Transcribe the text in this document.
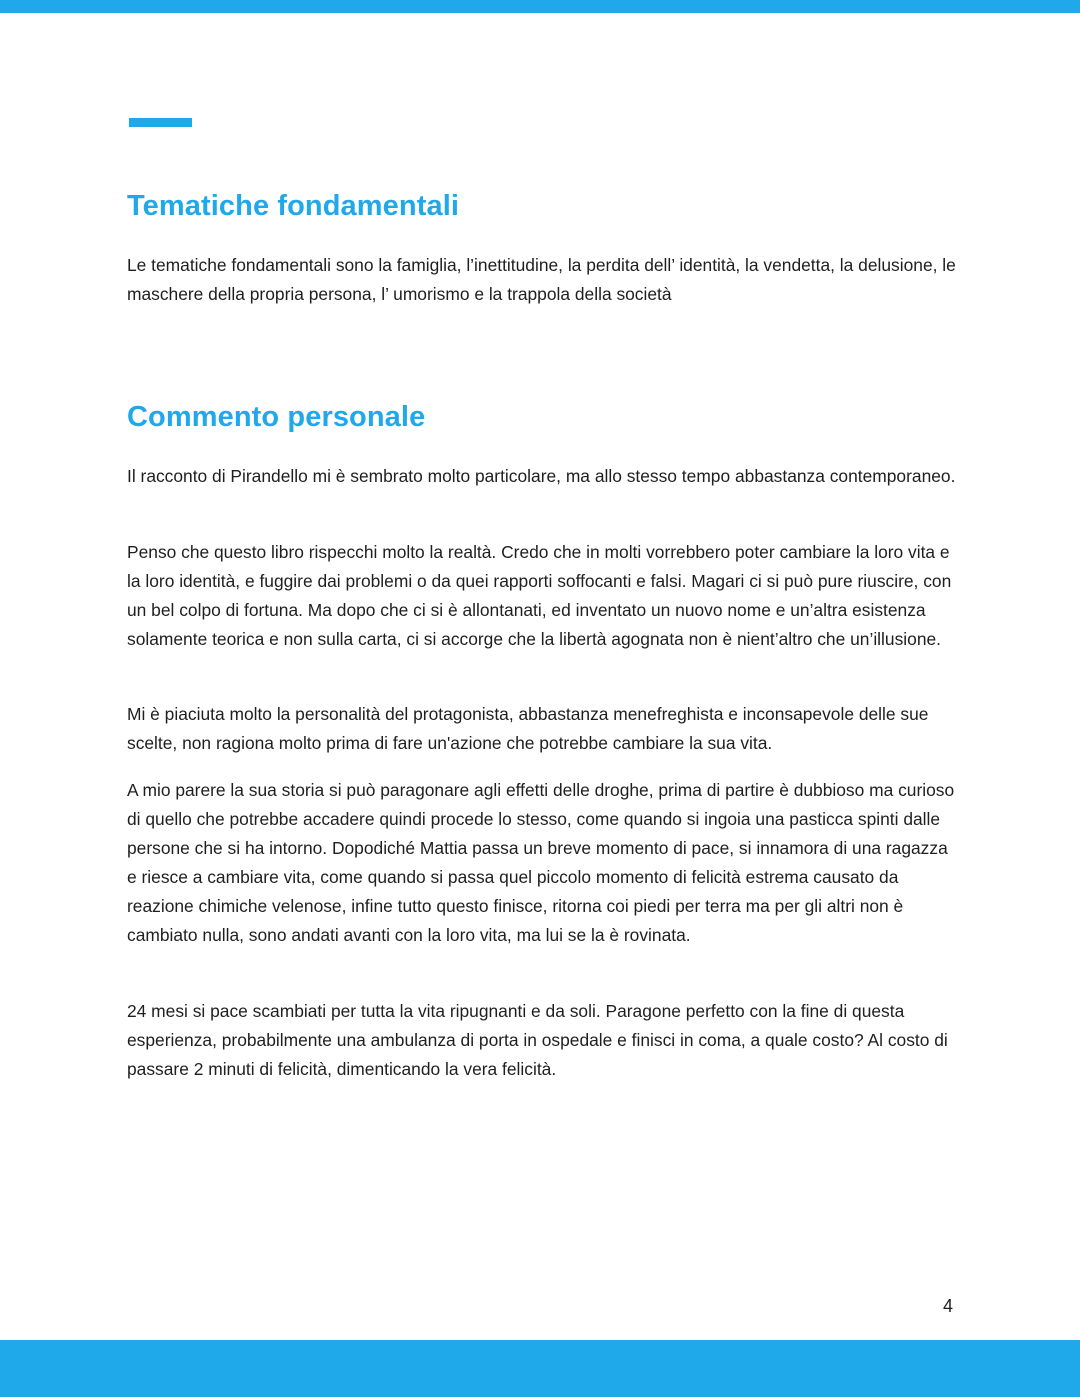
Tematiche fondamentali

Le tematiche fondamentali sono la famiglia, l’inettitudine, la perdita dell’ identità, la vendetta, la delusione, le maschere della propria persona, l’ umorismo e la trappola della società

Commento personale

Il racconto di Pirandello mi è sembrato molto particolare, ma allo stesso tempo abbastanza contemporaneo.

Penso che questo libro rispecchi molto la realtà. Credo che in molti vorrebbero poter cambiare la loro vita e la loro identità, e fuggire dai problemi o da quei rapporti soffocanti e falsi. Magari ci si può pure riuscire, con un bel colpo di fortuna. Ma dopo che ci si è allontanati, ed inventato un nuovo nome e un’altra esistenza solamente teorica e non sulla carta, ci si accorge che la libertà agognata non è nient’altro che un’illusione.

Mi è piaciuta molto la personalità del protagonista, abbastanza menefreghista e inconsapevole delle sue scelte, non ragiona molto prima di fare un'azione che potrebbe cambiare la sua vita.

A mio parere la sua storia si può paragonare agli effetti delle droghe, prima di partire è dubbioso ma curioso di quello che potrebbe accadere quindi procede lo stesso, come quando si ingoia una pasticca spinti dalle persone che si ha intorno. Dopodiché Mattia passa un breve momento di pace, si innamora di una ragazza e riesce a cambiare vita, come quando si passa quel piccolo momento di felicità estrema causato da reazione chimiche velenose, infine tutto questo finisce, ritorna coi piedi per terra ma per gli altri non è cambiato nulla, sono andati avanti con la loro vita, ma lui se la è rovinata.

24 mesi si pace scambiati per tutta la vita ripugnanti e da soli. Paragone perfetto con la fine di questa esperienza, probabilmente una ambulanza di porta in ospedale e finisci in coma, a quale costo? Al costo di passare 2 minuti di felicità, dimenticando la vera felicità.

4
